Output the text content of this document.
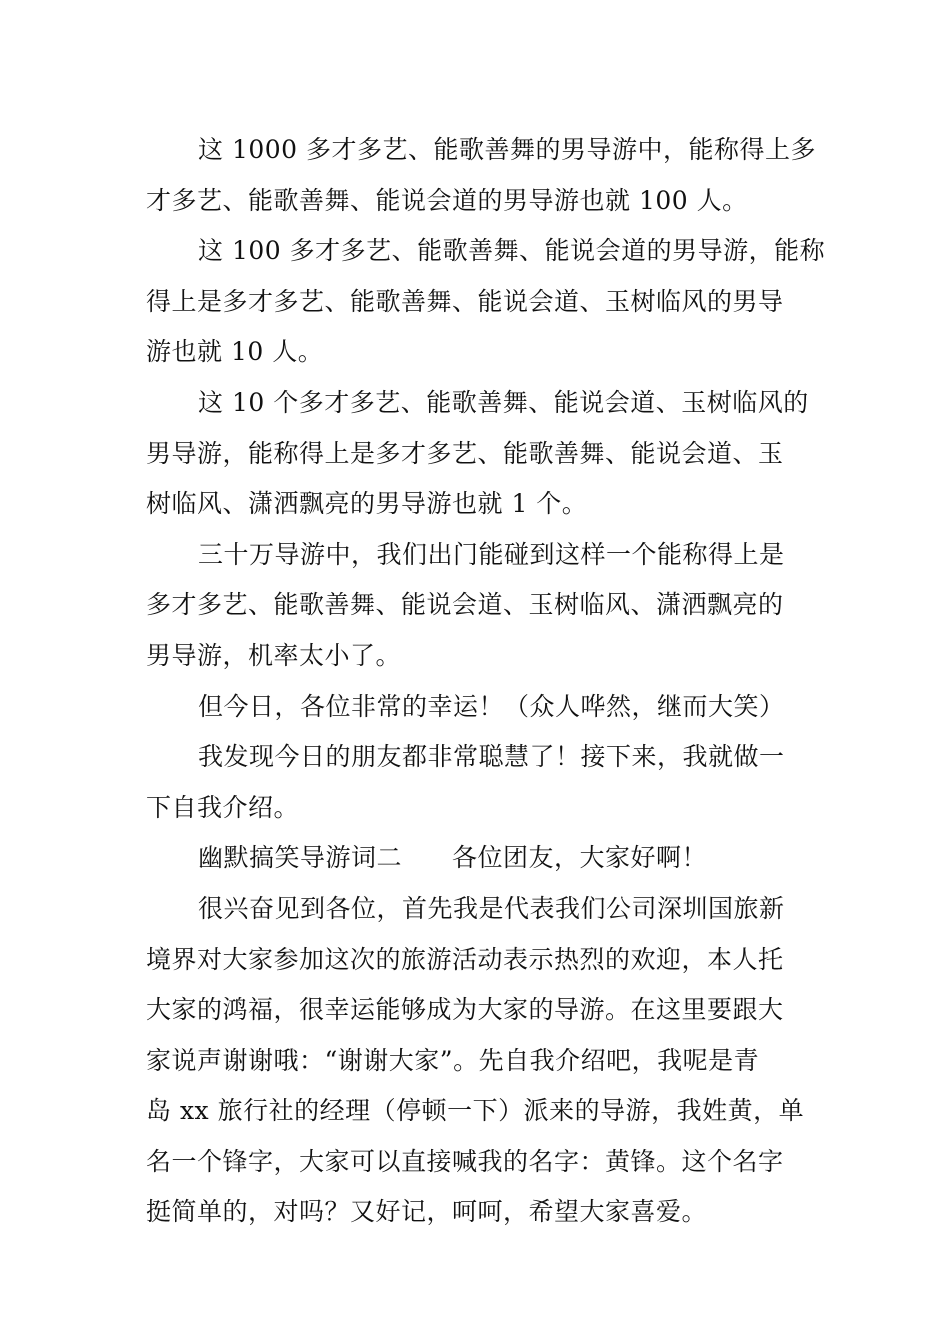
这 1000 多才多艺、能歌善舞的男导游中，能称得上多
才多艺、能歌善舞、能说会道的男导游也就 100 人。

这 100 多才多艺、能歌善舞、能说会道的男导游，能称
得上是多才多艺、能歌善舞、能说会道、玉树临风的男导
游也就 10 人。

这 10 个多才多艺、能歌善舞、能说会道、玉树临风的
男导游，能称得上是多才多艺、能歌善舞、能说会道、玉
树临风、潇洒飘亮的男导游也就 1 个。

三十万导游中，我们出门能碰到这样一个能称得上是
多才多艺、能歌善舞、能说会道、玉树临风、潇洒飘亮的
男导游，机率太小了。

但今日，各位非常的幸运！（众人哗然，继而大笑）

我发现今日的朋友都非常聪慧了！接下来，我就做一
下自我介绍。

幽默搞笑导游词二 各位团友，大家好啊！

很兴奋见到各位，首先我是代表我们公司深圳国旅新
境界对大家参加这次的旅游活动表示热烈的欢迎，本人托
大家的鸿福，很幸运能够成为大家的导游。在这里要跟大
家说声谢谢哦：“谢谢大家”。先自我介绍吧，我呢是青
岛 xx 旅行社的经理（停顿一下）派来的导游，我姓黄，单
名一个锋字，大家可以直接喊我的名字：黄锋。这个名字
挺简单的，对吗？又好记，呵呵，希望大家喜爱。
